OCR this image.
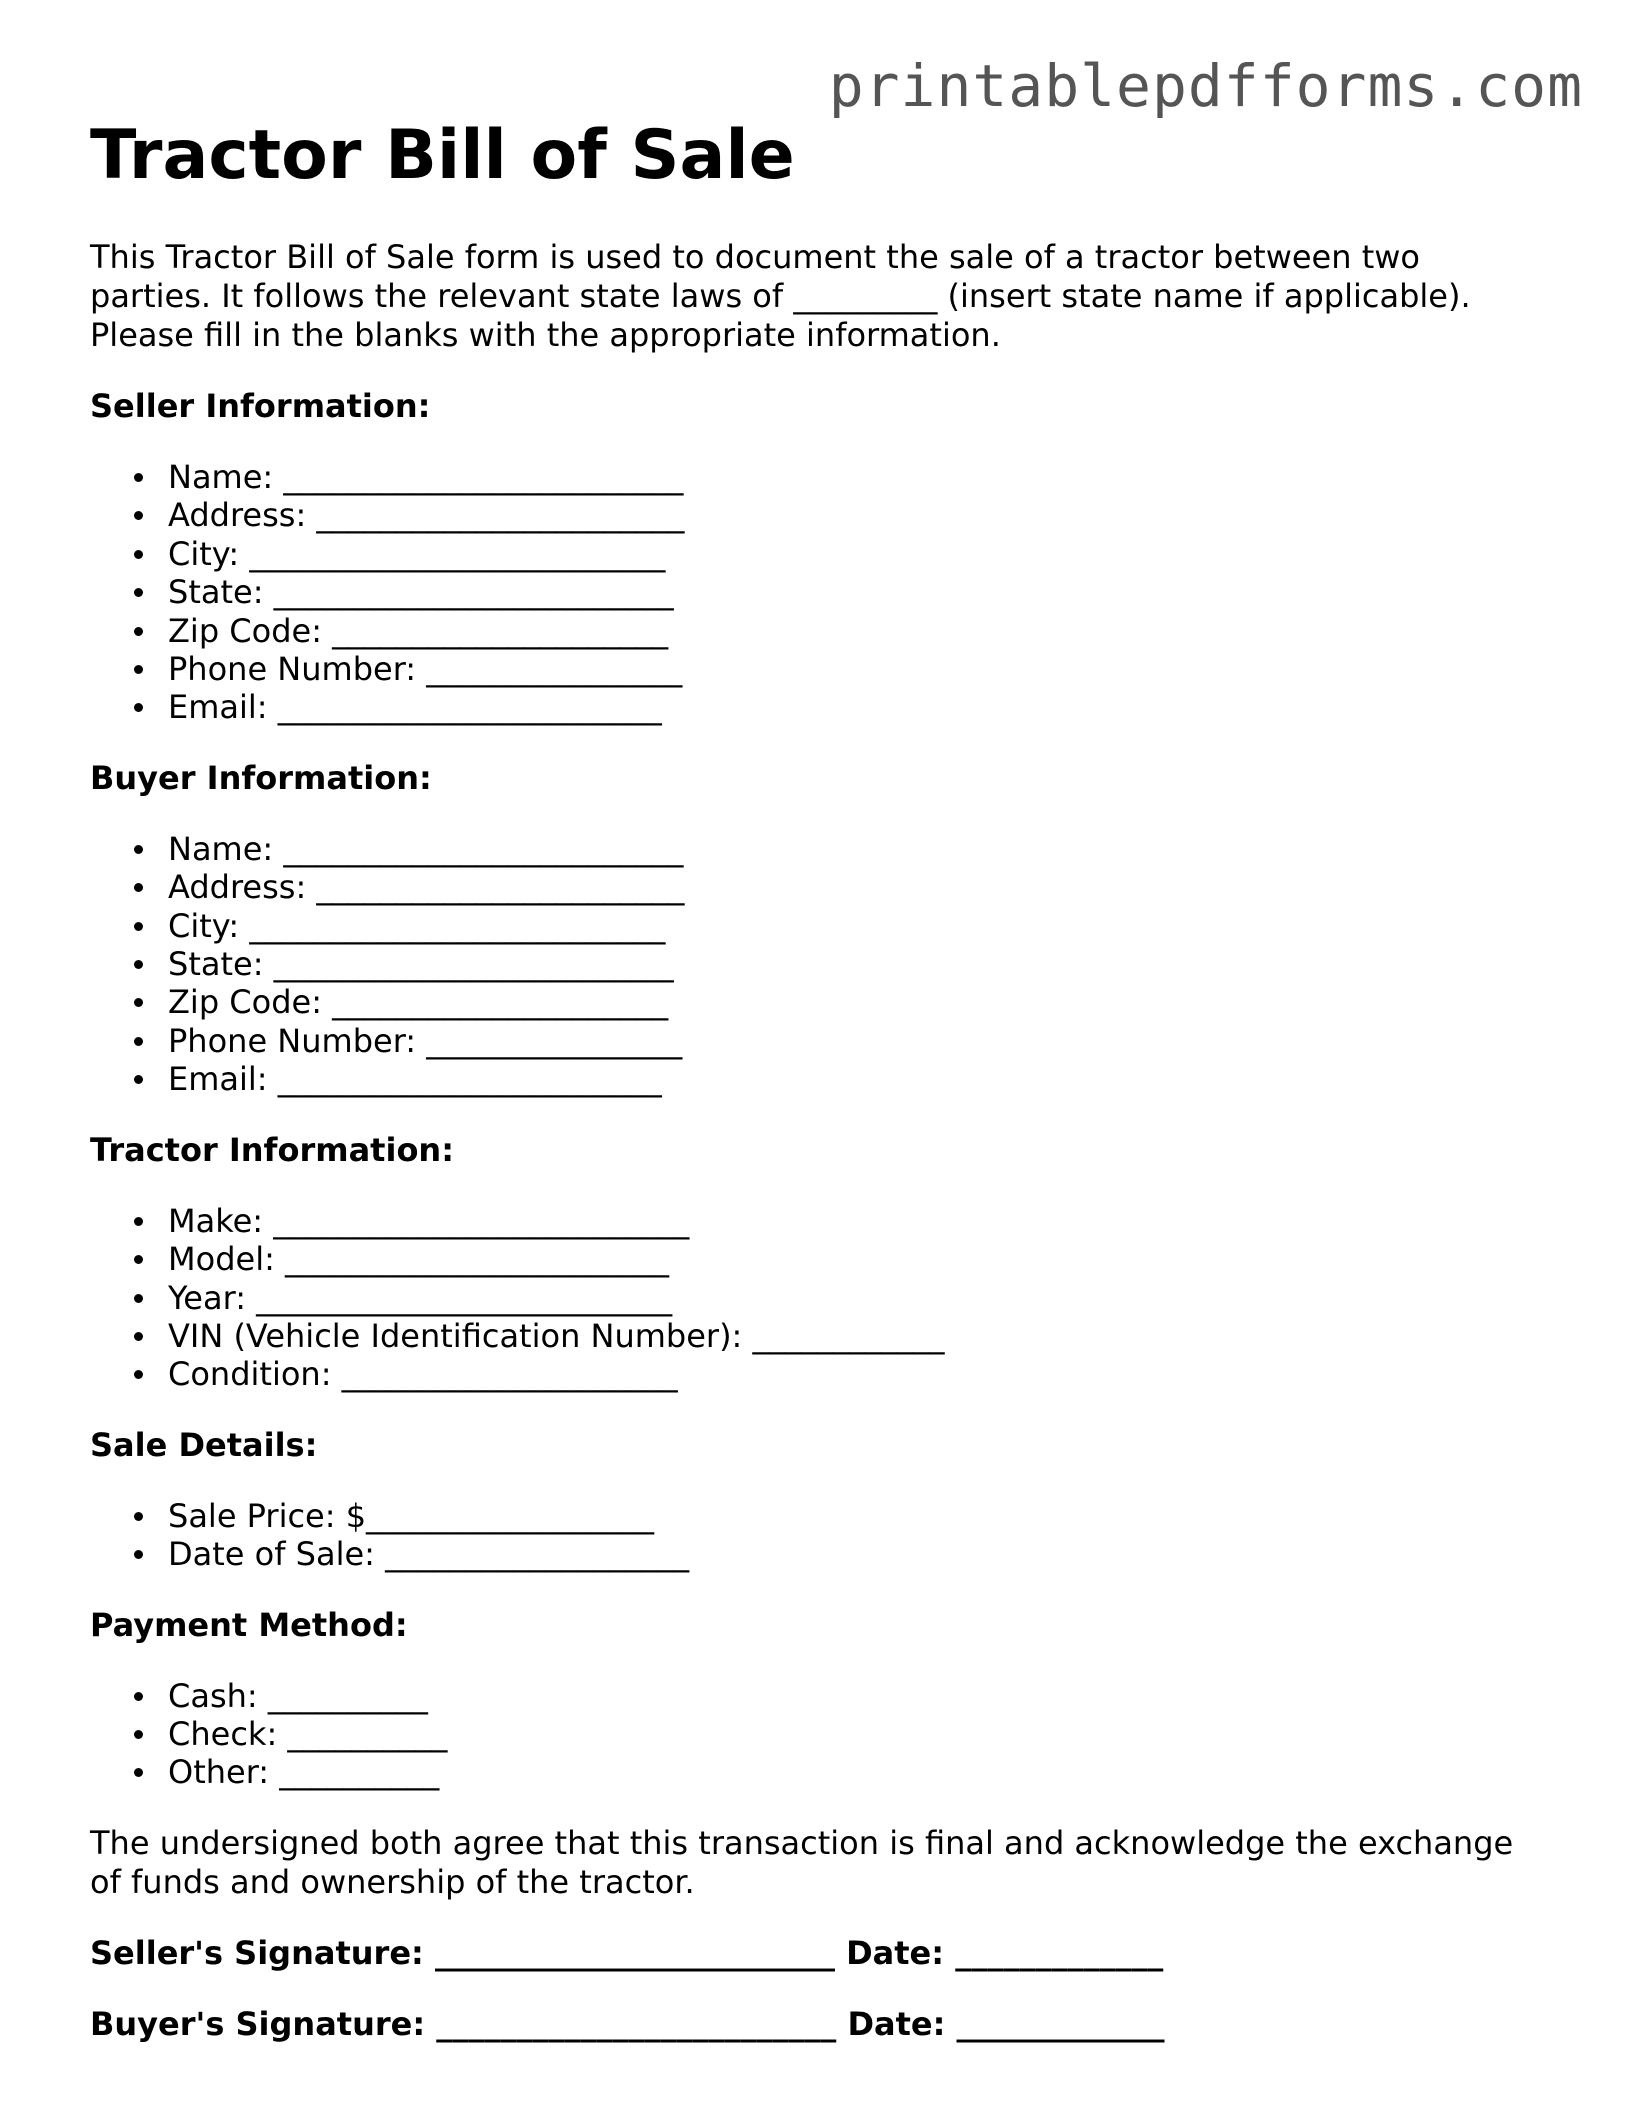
printablepdfforms.com
Tractor Bill of Sale

This Tractor Bill of Sale form is used to document the sale of a tractor between two

parties. It follows the relevant state laws of _________ (insert state name if applicable).

Please fill in the blanks with the appropriate information.

Seller Information:

Name: _________________________
Address: _______________________
City: __________________________
State: _________________________
Zip Code: _____________________
Phone Number: ________________
Email: ________________________

Buyer Information:

Name: _________________________
Address: _______________________
City: __________________________
State: _________________________
Zip Code: _____________________
Phone Number: ________________
Email: ________________________

Tractor Information:

Make: __________________________
Model: ________________________
Year: __________________________
VIN (Vehicle Identification Number): ____________
Condition: _____________________

Sale Details:

Sale Price: $__________________
Date of Sale: ___________________

Payment Method:

Cash: __________
Check: __________
Other: __________

The undersigned both agree that this transaction is final and acknowledge the exchange

of funds and ownership of the tractor.

Seller's Signature: _________________________ Date: _____________

Buyer's Signature: _________________________ Date: _____________
